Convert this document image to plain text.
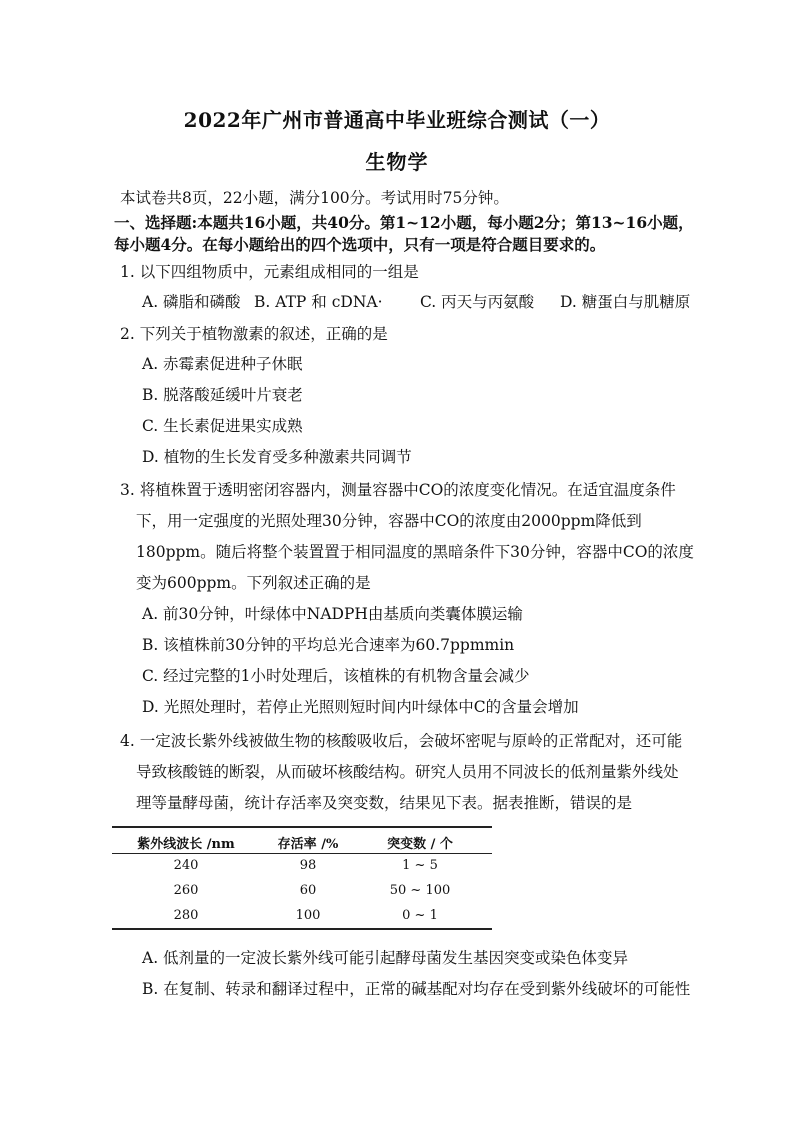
2022年广州市普通高中毕业班综合测试（一）
生物学
本试卷共8页，22小题，满分100分。考试用时75分钟。
一、选择题:本题共16小题，共40分。第1~12小题，每小题2分；第13~16小题，
每小题4分。在每小题给出的四个选项中，只有一项是符合题目要求的。
1. 以下四组物质中，元素组成相同的一组是
A. 磷脂和磷酸 B. ATP 和 cDNA· C. 丙天与丙氨酸 D. 糖蛋白与肌糖原
2. 下列关于植物激素的叙述，正确的是
A. 赤霉素促进种子休眠
B. 脱落酸延缓叶片衰老
C. 生长素促进果实成熟
D. 植物的生长发育受多种激素共同调节
3. 将植株置于透明密闭容器内，测量容器中CO的浓度变化情况。在适宜温度条件
下，用一定强度的光照处理30分钟，容器中CO的浓度由2000ppm降低到
180ppm。随后将整个装置置于相同温度的黑暗条件下30分钟，容器中CO的浓度
变为600ppm。下列叙述正确的是
A. 前30分钟，叶绿体中NADPH由基质向类囊体膜运输
B. 该植株前30分钟的平均总光合速率为60.7ppmmin
C. 经过完整的1小时处理后，该植株的有机物含量会减少
D. 光照处理时，若停止光照则短时间内叶绿体中C的含量会增加
4. 一定波长紫外线被做生物的核酸吸收后，会破坏密呢与原岭的正常配对，还可能
导致核酸链的断裂，从而破坏核酸结构。研究人员用不同波长的低剂量紫外线处
理等量酵母菌，统计存活率及突变数，结果见下表。据表推断，错误的是
紫外线波长 /nm	存活率 /%	突变数 / 个
240	98	1 ~ 5
260	60	50 ~ 100
280	100	0 ~ 1
A. 低剂量的一定波长紫外线可能引起酵母菌发生基因突变或染色体变异
B. 在复制、转录和翻译过程中，正常的碱基配对均存在受到紫外线破坏的可能性
